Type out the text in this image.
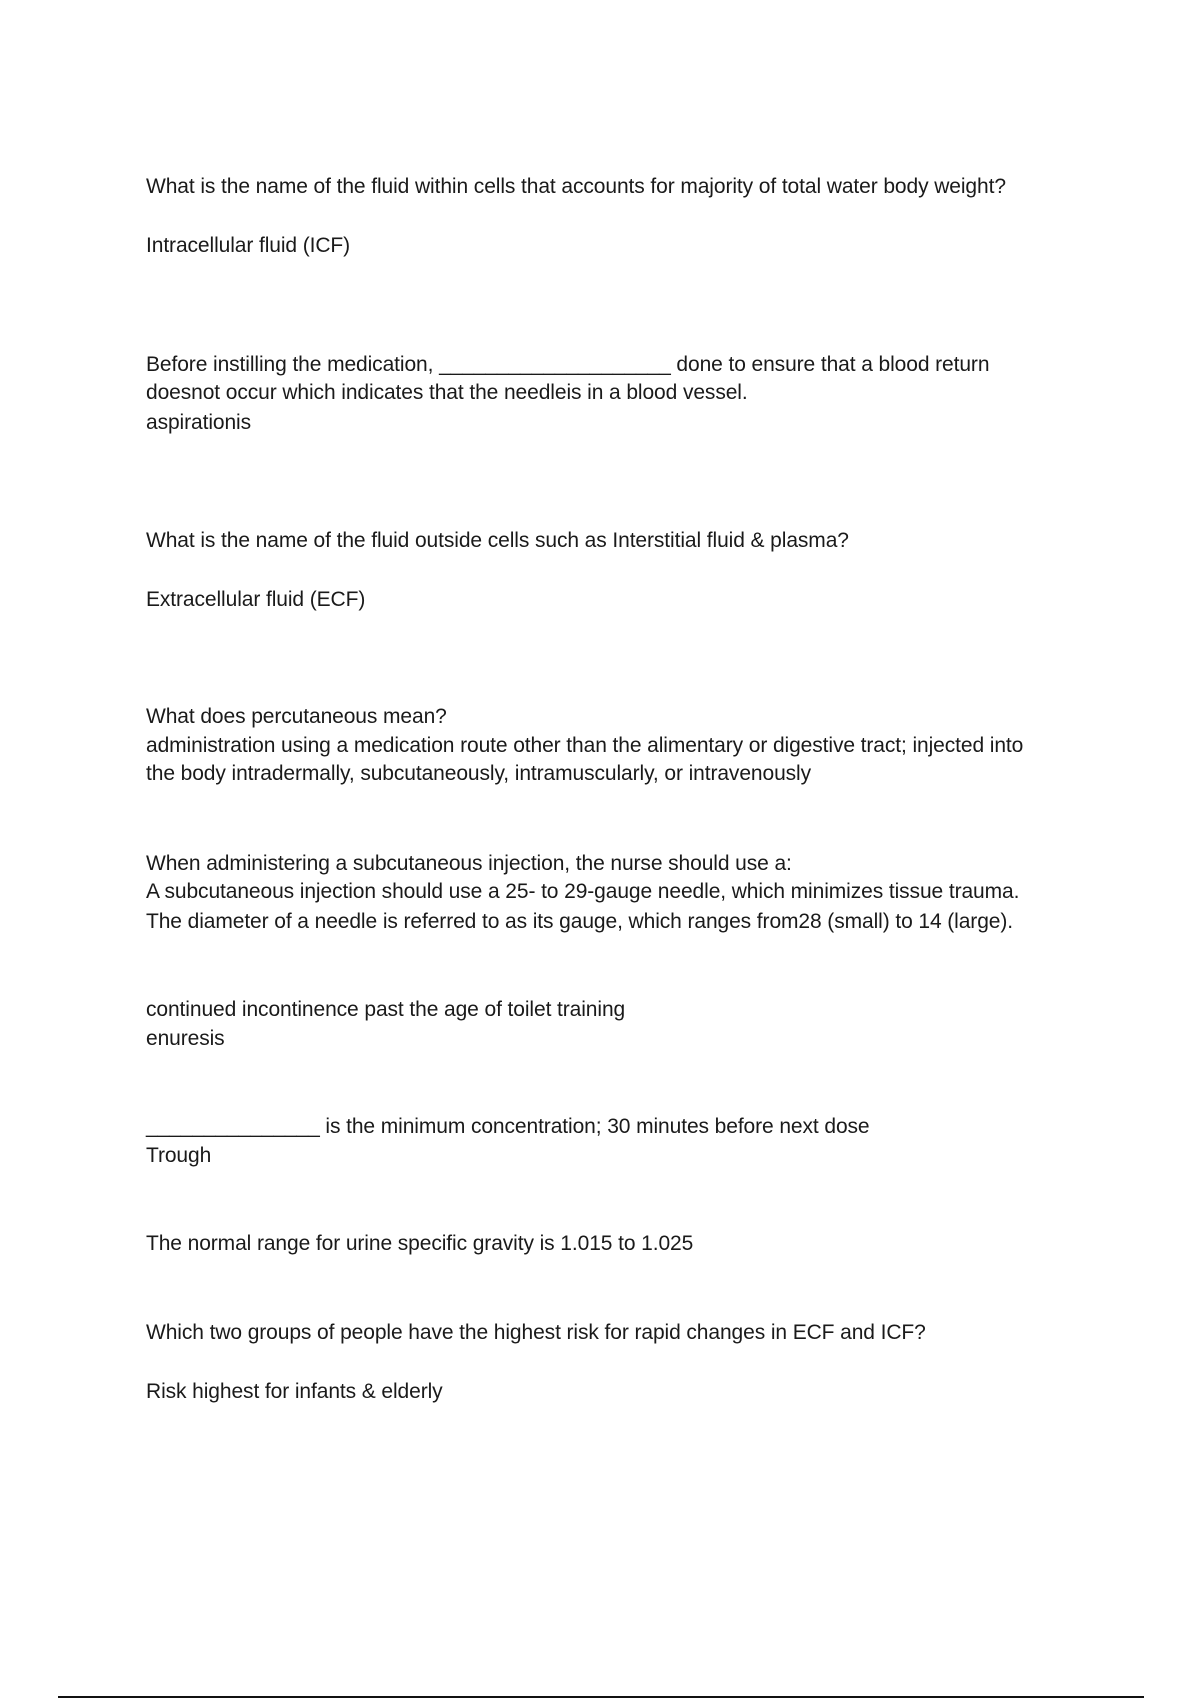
What is the name of the fluid within cells that accounts for majority of total water body weight?
Intracellular fluid (ICF)
Before instilling the medication, ____________________ done to ensure that a blood return
doesnot occur which indicates that the needleis in a blood vessel.
aspirationis
What is the name of the fluid outside cells such as Interstitial fluid & plasma?
Extracellular fluid (ECF)
What does percutaneous mean?
administration using a medication route other than the alimentary or digestive tract; injected into
the body intradermally, subcutaneously, intramuscularly, or intravenously
When administering a subcutaneous injection, the nurse should use a:
A subcutaneous injection should use a 25- to 29-gauge needle, which minimizes tissue trauma.
The diameter of a needle is referred to as its gauge, which ranges from28 (small) to 14 (large).
continued incontinence past the age of toilet training
enuresis
_______________ is the minimum concentration; 30 minutes before next dose
Trough
The normal range for urine specific gravity is 1.015 to 1.025
Which two groups of people have the highest risk for rapid changes in ECF and ICF?
Risk highest for infants & elderly
